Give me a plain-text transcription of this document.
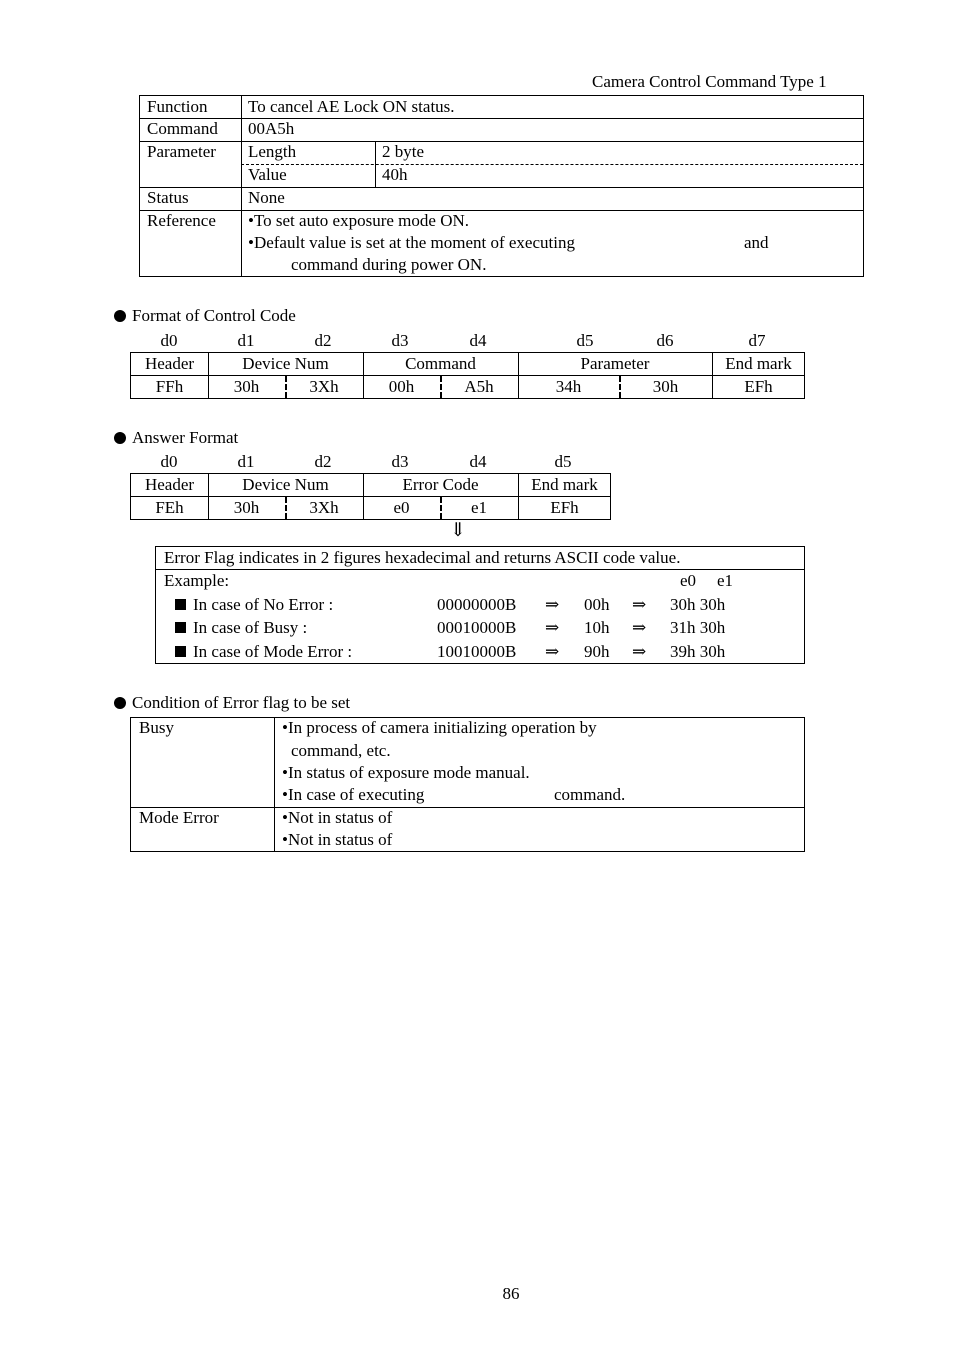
Camera Control Command Type 1
Function To cancel AE Lock ON status.
Command 00A5h
Parameter Length	2 byte
Value	40h
Status	None
Reference •To set auto exposure mode ON.
•Default value is set at the moment of executing	and
command during power ON.
Format of Control Code
d0	d1	d2	d3	d4	d5	d6	d7
Header	Device Num	Command	Parameter	End mark
FFh	30h	3Xh	00h	A5h	34h	30h	EFh
Answer Format
d0	d1	d2	d3	d4	d5
Header	Device Num	Error Code	End mark
FEh	30h	3Xh	e0	e1	EFh
⇓
Error Flag indicates in 2 figures hexadecimal and returns ASCII code value.
Example:	e0 e1
In case of No Error :	00000000B ⇒ 00h ⇒ 30h 30h
In case of Busy :	00010000B ⇒ 10h ⇒ 31h 30h
In case of Mode Error :	10010000B ⇒ 90h ⇒ 39h 30h
Condition of Error flag to be set
Busy	•In process of camera initializing operation by
command, etc.
•In status of exposure mode manual.
•In case of executing	command.
Mode Error	•Not in status of
•Not in status of
86
